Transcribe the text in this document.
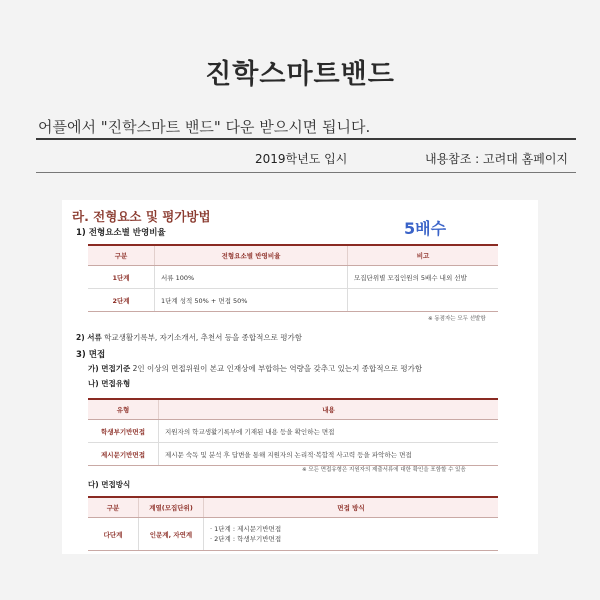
진학스마트밴드
어플에서 "진학스마트 밴드" 다운 받으시면 됩니다.
2019학년도 입시	내용참조 : 고려대 홈페이지
라. 전형요소 및 평가방법
1) 전형요소별 반영비율	5배수
구분	전형요소별 반영비율	비고
1단계	서류 100%	모집단위별 모집인원의 5배수 내외 선발
2단계	1단계 성적 50% + 면접 50%	
※ 동점자는 모두 선발함
2) 서류 학교생활기록부, 자기소개서, 추천서 등을 종합적으로 평가함
3) 면접
가) 면접기준 2인 이상의 면접위원이 본교 인재상에 부합하는 역량을 갖추고 있는지 종합적으로 평가함
나) 면접유형
유형	내용
학생부기반면접	지원자의 학교생활기록부에 기재된 내용 등을 확인하는 면접
제시문기반면접	제시문 숙독 및 분석 후 답변을 통해 지원자의 논리적·복합적 사고력 등을 파악하는 면접
※ 모든 면접유형은 지원자의 제출서류에 대한 확인을 포함할 수 있음
다) 면접방식
구분	계열(모집단위)	면접 방식
다단계	인문계, 자연계	· 1단계 : 제시문기반면접
· 2단계 : 학생부기반면접
